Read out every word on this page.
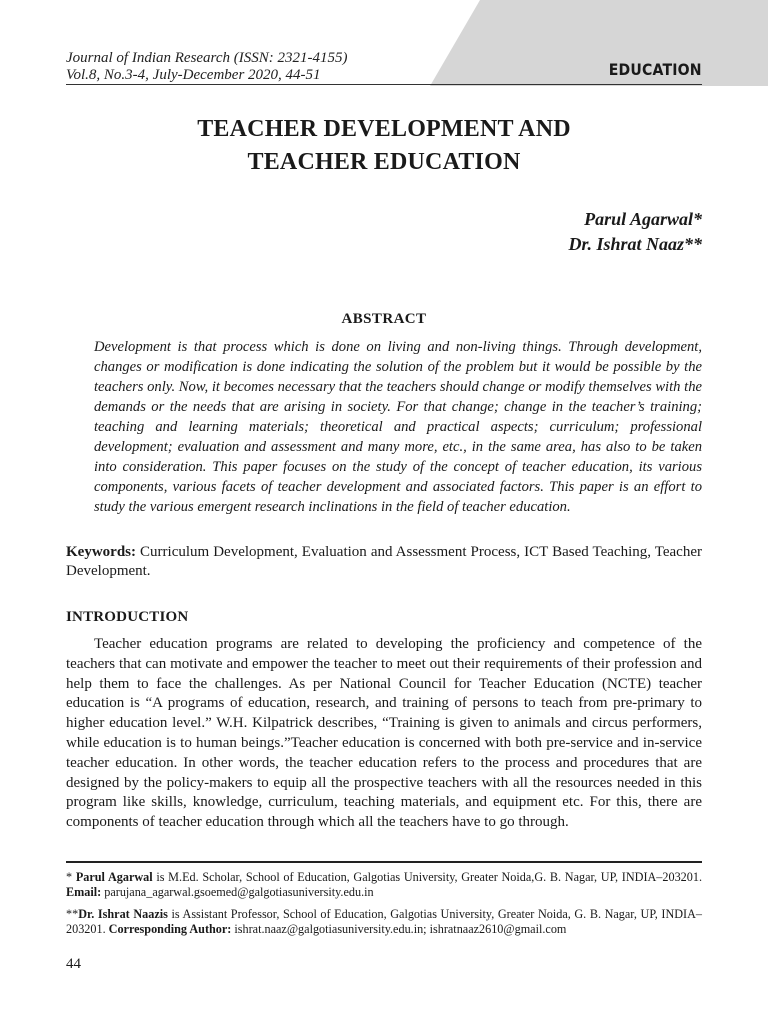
Journal of Indian Research (ISSN: 2321-4155)
Vol.8, No.3-4, July-December 2020, 44-51	EDUCATION
TEACHER DEVELOPMENT AND
TEACHER EDUCATION
Parul Agarwal*
Dr. Ishrat Naaz**
ABSTRACT
Development is that process which is done on living and non-living things. Through development, changes or modification is done indicating the solution of the problem but it would be possible by the teachers only. Now, it becomes necessary that the teachers should change or modify themselves with the demands or the needs that are arising in society. For that change; change in the teacher’s training; teaching and learning materials; theoretical and practical aspects; curriculum; professional development; evaluation and assessment and many more, etc., in the same area, has also to be taken into consideration. This paper focuses on the study of the concept of teacher education, its various components, various facets of teacher development and associated factors. This paper is an effort to study the various emergent research inclinations in the field of teacher education.
Keywords: Curriculum Development, Evaluation and Assessment Process, ICT Based Teaching, Teacher Development.
INTRODUCTION
Teacher education programs are related to developing the proficiency and competence of the teachers that can motivate and empower the teacher to meet out their requirements of their profession and help them to face the challenges. As per National Council for Teacher Education (NCTE) teacher education is “A programs of education, research, and training of persons to teach from pre-primary to higher education level.” W.H. Kilpatrick describes, “Training is given to animals and circus performers, while education is to human beings.”Teacher education is concerned with both pre-service and in-service teacher education. In other words, the teacher education refers to the process and procedures that are designed by the policy-makers to equip all the prospective teachers with all the resources needed in this program like skills, knowledge, curriculum, teaching materials, and equipment etc. For this, there are components of teacher education through which all the teachers have to go through.
* Parul Agarwal is M.Ed. Scholar, School of Education, Galgotias University, Greater Noida,G. B. Nagar, UP, INDIA–203201. Email: parujana_agarwal.gsoemed@galgotiasuniversity.edu.in
**Dr. Ishrat Naazis is Assistant Professor, School of Education, Galgotias University, Greater Noida, G. B. Nagar, UP, INDIA– 203201. Corresponding Author: ishrat.naaz@galgotiasuniversity.edu.in; ishratnaaz2610@gmail.com
44
